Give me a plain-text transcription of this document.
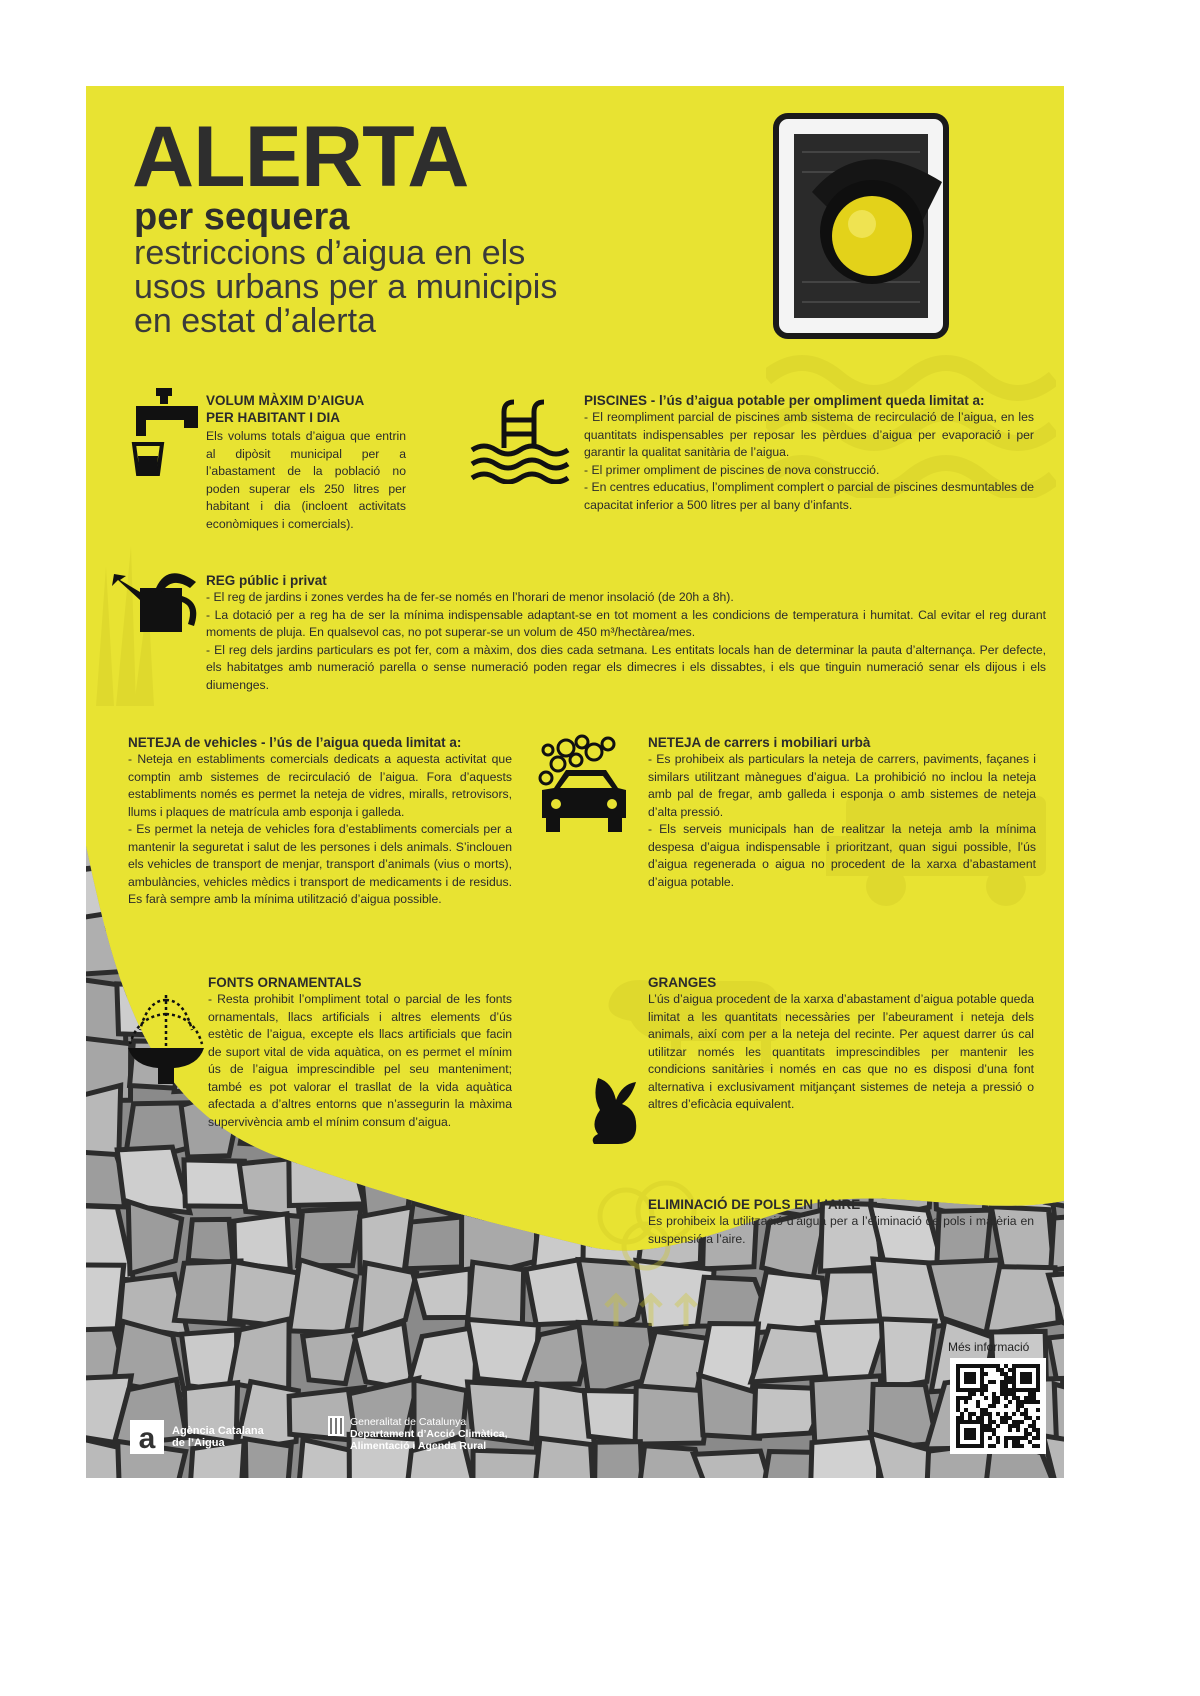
ALERTA
per sequera
restriccions d’aigua en els
usos urbans per a municipis
en estat d’alerta
VOLUM MÀXIM D’AIGUA
PER HABITANT I DIA
Els volums totals d’aigua que entrin al dipòsit municipal per a l’abastament de la població no poden superar els 250 litres per habitant i dia (incloent activitats econòmiques i comercials).
PISCINES - l’ús d’aigua potable per ompliment queda limitat a:

- El reompliment parcial de piscines amb sistema de recirculació de l’aigua, en les quantitats indispensables per reposar les pèrdues d’aigua per evaporació i per garantir la qualitat sanitària de l’aigua.

- El primer ompliment de piscines de nova construcció.

- En centres educatius, l’ompliment complert o parcial de piscines desmuntables de capacitat inferior a 500 litres per al bany d’infants.

REG públic i privat

- El reg de jardins i zones verdes ha de fer-se només en l’horari de menor insolació (de 20h a 8h).

- La dotació per a reg ha de ser la mínima indispensable adaptant-se en tot moment a les condicions de temperatura i humitat. Cal evitar el reg durant moments de pluja. En qualsevol cas, no pot superar-se un volum de 450 m³/hectàrea/mes.

- El reg dels jardins particulars es pot fer, com a màxim, dos dies cada setmana. Les entitats locals han de determinar la pauta d’alternança. Per defecte, els habitatges amb numeració parella o sense numeració poden regar els dimecres i els dissabtes, i els que tinguin numeració senar els dijous i els diumenges.

NETEJA de vehicles - l’ús de l’aigua queda limitat a:

- Neteja en establiments comercials dedicats a aquesta activitat que comptin amb sistemes de recirculació de l’aigua. Fora d’aquests establiments només es permet la neteja de vidres, miralls, retrovisors, llums i plaques de matrícula amb esponja i galleda.

- Es permet la neteja de vehicles fora d’establiments comercials per a mantenir la seguretat i salut de les persones i dels animals. S’inclouen els vehicles de transport de menjar, transport d’animals (vius o morts), ambulàncies, vehicles mèdics i transport de medicaments i de residus. Es farà sempre amb la mínima utilització d’aigua possible.

NETEJA de carrers i mobiliari urbà

- Es prohibeix als particulars la neteja de carrers, paviments, façanes i similars utilitzant mànegues d’aigua. La prohibició no inclou la neteja amb pal de fregar, amb galleda i esponja o amb sistemes de neteja d’alta pressió.

- Els serveis municipals han de realitzar la neteja amb la mínima despesa d’aigua indispensable i prioritzant, quan sigui possible, l’ús d’aigua regenerada o aigua no procedent de la xarxa d’abastament d’aigua potable.

FONTS ORNAMENTALS
- Resta prohibit l’ompliment total o parcial de les fonts ornamentals, llacs artificials i altres elements d’ús estètic de l’aigua, excepte els llacs artificials que facin de suport vital de vida aquàtica, on es permet el mínim ús de l’aigua imprescindible pel seu manteniment; també es pot valorar el trasllat de la vida aquàtica afectada a d’altres entorns que n’assegurin la màxima supervivència amb el mínim consum d’aigua.
GRANGES
L’ús d’aigua procedent de la xarxa d’abastament d’aigua potable queda limitat a les quantitats necessàries per l’abeurament i neteja dels animals, així com per a la neteja del recinte. Per aquest darrer ús cal utilitzar només les quantitats imprescindibles per mantenir les condicions sanitàries i només en cas que no es disposi d’una font alternativa i exclusivament mitjançant sistemes de neteja a pressió o altres d’eficàcia equivalent.
ELIMINACIÓ DE POLS EN L’AIRE
Es prohibeix la utilització d’aigua per a l’eliminació de pols i matèria en suspensió a l’aire.
Més informació
a Agència Catalana
de l’Aigua
Generalitat de Catalunya
Departament d’Acció Climàtica,
Alimentació i Agenda Rural
